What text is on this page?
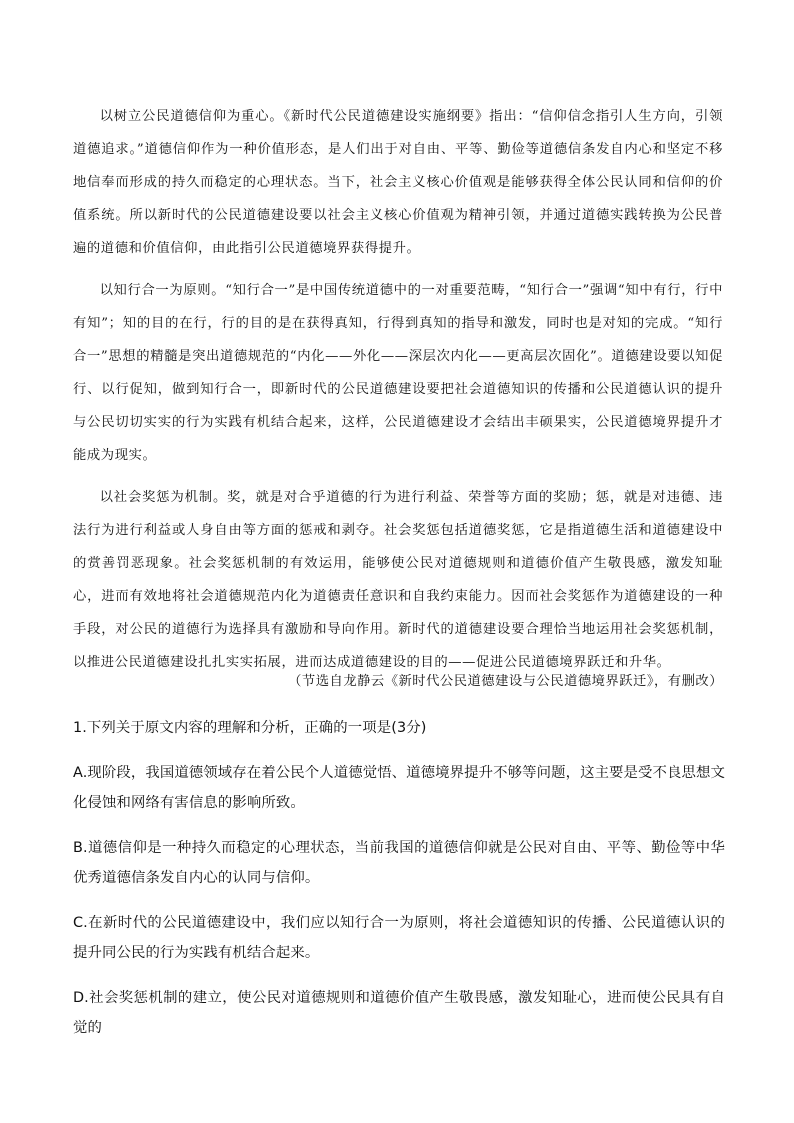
以树立公民道德信仰为重心。《新时代公民道德建设实施纲要》指出：“信仰信念指引人生方向，引领道德追求。”道德信仰作为一种价值形态，是人们出于对自由、平等、勤俭等道德信条发自内心和坚定不移地信奉而形成的持久而稳定的心理状态。当下，社会主义核心价值观是能够获得全体公民认同和信仰的价值系统。所以新时代的公民道德建设要以社会主义核心价值观为精神引领，并通过道德实践转换为公民普遍的道德和价值信仰，由此指引公民道德境界获得提升。

以知行合一为原则。“知行合一”是中国传统道德中的一对重要范畴，“知行合一”强调“知中有行，行中有知”；知的目的在行，行的目的是在获得真知，行得到真知的指导和激发，同时也是对知的完成。“知行合一”思想的精髓是突出道德规范的“内化——外化——深层次内化——更高层次固化”。道德建设要以知促行、以行促知，做到知行合一，即新时代的公民道德建设要把社会道德知识的传播和公民道德认识的提升与公民切切实实的行为实践有机结合起来，这样，公民道德建设才会结出丰硕果实，公民道德境界提升才能成为现实。

以社会奖惩为机制。奖，就是对合乎道德的行为进行利益、荣誉等方面的奖励；惩，就是对违德、违法行为进行利益或人身自由等方面的惩戒和剥夺。社会奖惩包括道德奖惩，它是指道德生活和道德建设中的赏善罚恶现象。社会奖惩机制的有效运用，能够使公民对道德规则和道德价值产生敬畏感，激发知耻心，进而有效地将社会道德规范内化为道德责任意识和自我约束能力。因而社会奖惩作为道德建设的一种手段，对公民的道德行为选择具有激励和导向作用。新时代的道德建设要合理恰当地运用社会奖惩机制，以推进公民道德建设扎扎实实拓展，进而达成道德建设的目的——促进公民道德境界跃迁和升华。

（节选自龙静云《新时代公民道德建设与公民道德境界跃迁》，有删改）
1.下列关于原文内容的理解和分析，正确的一项是(3分)
A.现阶段，我国道德领域存在着公民个人道德觉悟、道德境界提升不够等问题，这主要是受不良思想文化侵蚀和网络有害信息的影响所致。
B.道德信仰是一种持久而稳定的心理状态，当前我国的道德信仰就是公民对自由、平等、勤俭等中华优秀道德信条发自内心的认同与信仰。
C.在新时代的公民道德建设中，我们应以知行合一为原则，将社会道德知识的传播、公民道德认识的提升同公民的行为实践有机结合起来。
D.社会奖惩机制的建立，使公民对道德规则和道德价值产生敬畏感，激发知耻心，进而使公民具有自觉的
